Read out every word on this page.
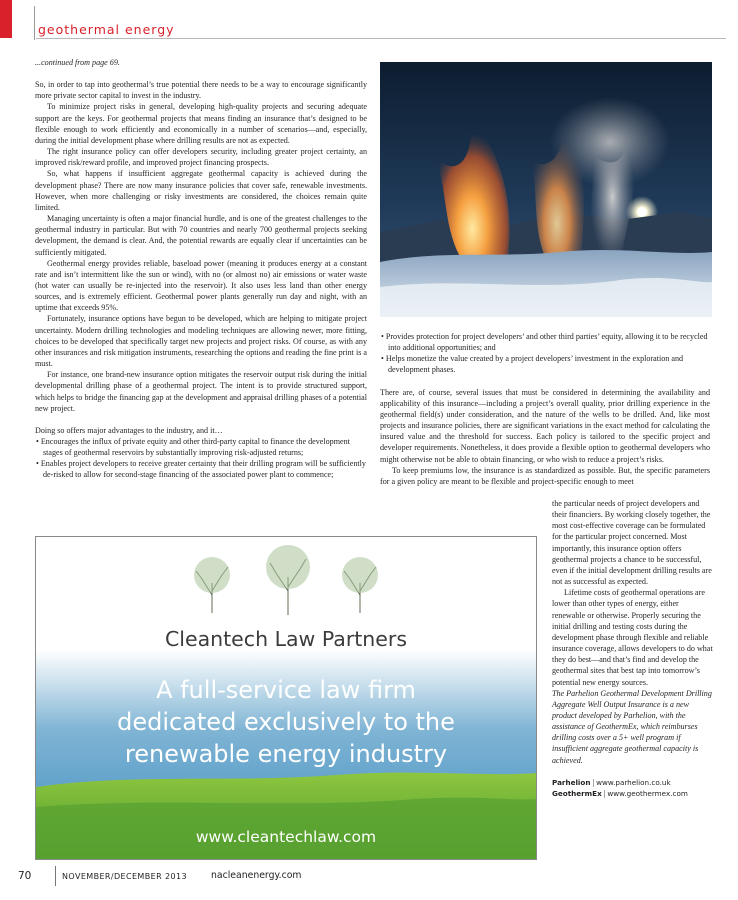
geothermal energy

...continued from page 69.

So, in order to tap into geothermal’s true potential there needs to be a way to encourage significantly more private sector capital to invest in the industry.

To minimize project risks in general, developing high-quality projects and securing adequate support are the keys. For geothermal projects that means finding an insurance that’s designed to be flexible enough to work efficiently and economically in a number of scenarios—and, especially, during the initial development phase where drilling results are not as expected.

The right insurance policy can offer developers security, including greater project certainty, an improved risk/reward profile, and improved project financing prospects.

So, what happens if insufficient aggregate geothermal capacity is achieved during the development phase? There are now many insurance policies that cover safe, renewable investments. However, when more challenging or risky investments are considered, the choices remain quite limited.

Managing uncertainty is often a major financial hurdle, and is one of the greatest challenges to the geothermal industry in particular. But with 70 countries and nearly 700 geothermal projects seeking development, the demand is clear. And, the potential rewards are equally clear if uncertainties can be sufficiently mitigated.

Geothermal energy provides reliable, baseload power (meaning it produces energy at a constant rate and isn’t intermittent like the sun or wind), with no (or almost no) air emissions or water waste (hot water can usually be re-injected into the reservoir). It also uses less land than other energy sources, and is extremely efficient. Geothermal power plants generally run day and night, with an uptime that exceeds 95%.

Fortunately, insurance options have begun to be developed, which are helping to mitigate project uncertainty. Modern drilling technologies and modeling techniques are allowing newer, more fitting, choices to be developed that specifically target new projects and project risks. Of course, as with any other insurances and risk mitigation instruments, researching the options and reading the fine print is a must.

For instance, one brand-new insurance option mitigates the reservoir output risk during the initial developmental drilling phase of a geothermal project. The intent is to provide structured support, which helps to bridge the financing gap at the development and appraisal drilling phases of a potential new project.

Doing so offers major advantages to the industry, and it…

• Encourages the influx of private equity and other third-party capital to finance the development stages of geothermal reservoirs by substantially improving risk-adjusted returns;
• Enables project developers to receive greater certainty that their drilling program will be sufficiently de-risked to allow for second-stage financing of the associated power plant to commence;
• Provides protection for project developers’ and other third parties’ equity, allowing it to be recycled into additional opportunities; and
• Helps monetize the value created by a project developers’ investment in the exploration and development phases.

There are, of course, several issues that must be considered in determining the availability and applicability of this insurance—including a project’s overall quality, prior drilling experience in the geothermal field(s) under consideration, and the nature of the wells to be drilled. And, like most projects and insurance policies, there are significant variations in the exact method for calculating the insured value and the threshold for success. Each policy is tailored to the specific project and developer requirements. Nonetheless, it does provide a flexible option to geothermal developers who might otherwise not be able to obtain financing, or who wish to reduce a project’s risks.

To keep premiums low, the insurance is as standardized as possible. But, the specific parameters for a given policy are meant to be flexible and project-specific enough to meet

the particular needs of project developers and their financiers. By working closely together, the most cost-effective coverage can be formulated for the particular project concerned. Most importantly, this insurance option offers geothermal projects a chance to be successful, even if the initial development drilling results are not as successful as expected.

Lifetime costs of geothermal operations are lower than other types of energy, either renewable or otherwise. Properly securing the initial drilling and testing costs during the development phase through flexible and reliable insurance coverage, allows developers to do what they do best—and that’s find and develop the geothermal sites that best tap into tomorrow’s potential new energy sources.

The Parhelion Geothermal Development Drilling Aggregate Well Output Insurance is a new product developed by Parhelion, with the assistance of GeothermEx, which reimburses drilling costs over a 5+ well program if insufficient aggregate geothermal capacity is achieved.

Parhelion | www.parhelion.co.uk
GeothermEx | www.geothermex.com
Cleantech Law Partners
A full-service law firm
dedicated exclusively to the
renewable energy industry
www.cleantechlaw.com
70	NOVEMBER/DECEMBER 2013	nacleanenergy.com
